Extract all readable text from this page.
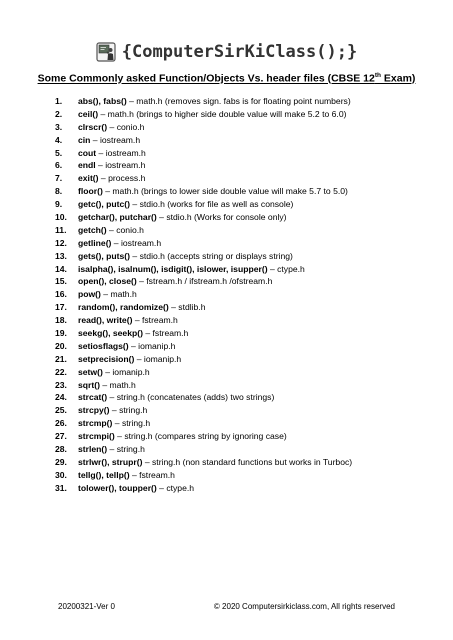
{ComputerSirKiClass();}
Some Commonly asked Function/Objects Vs. header files (CBSE 12th Exam)
1.	abs(), fabs() – math.h (removes sign. fabs is for floating point numbers)
2.	ceil() – math.h (brings to higher side double value will make 5.2 to 6.0)
3.	clrscr() – conio.h
4.	cin – iostream.h
5.	cout – iostream.h
6.	endl – iostream.h
7.	exit() – process.h
8.	floor() – math.h (brings to lower side double value will make 5.7 to 5.0)
9.	getc(), putc() – stdio.h (works for file as well as console)
10.	getchar(), putchar() – stdio.h (Works for console only)
11.	getch() – conio.h
12.	getline() – iostream.h
13.	gets(), puts() – stdio.h (accepts string or displays string)
14.	isalpha(), isalnum(), isdigit(), islower, isupper() – ctype.h
15.	open(), close() – fstream.h / ifstream.h /ofstream.h
16.	pow() – math.h
17.	random(), randomize() – stdlib.h
18.	read(), write() – fstream.h
19.	seekg(), seekp() – fstream.h
20.	setiosflags() – iomanip.h
21.	setprecision() – iomanip.h
22.	setw() – iomanip.h
23.	sqrt() – math.h
24.	strcat() – string.h (concatenates (adds) two strings)
25.	strcpy() – string.h
26.	strcmp() – string.h
27.	strcmpi() – string.h (compares string by ignoring case)
28.	strlen() – string.h
29.	strlwr(), strupr() – string.h (non standard functions but works in Turboc)
30.	tellg(), tellp() – fstream.h
31.	tolower(), toupper() – ctype.h
20200321-Ver 0	© 2020 Computersirkiclass.com, All rights reserved
